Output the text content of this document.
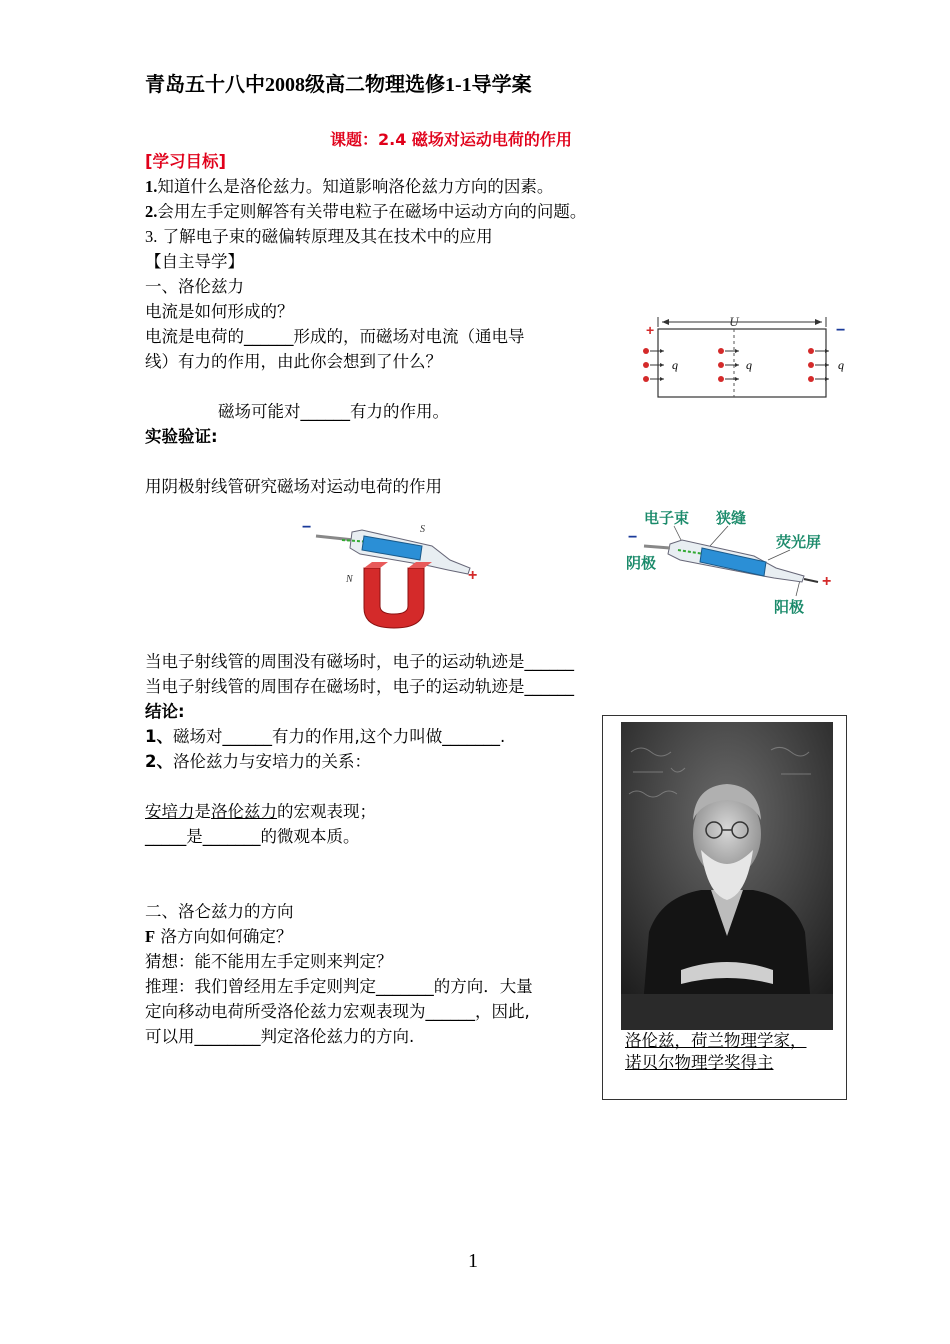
青岛五十八中2008级高二物理选修1-1导学案
课题：2.4 磁场对运动电荷的作用
[学习目标]
1.知道什么是洛伦兹力。知道影响洛伦兹力方向的因素。
2.会用左手定则解答有关带电粒子在磁场中运动方向的问题。
3. 了解电子束的磁偏转原理及其在技术中的应用
【自主导学】
一、洛伦兹力
电流是如何形成的？
电流是电荷的______形成的，而磁场对电流（通电导
线）有力的作用，由此你会想到了什么？
磁场可能对______有力的作用。
实验验证:
用阴极射线管研究磁场对运动电荷的作用
+	−
U
q	q	q
−	S
+
N
电子束 狭缝
荧光屏
阴极
阳极
−
+
当电子射线管的周围没有磁场时，电子的运动轨迹是______
当电子射线管的周围存在磁场时，电子的运动轨迹是______
结论:
1、磁场对______有力的作用,这个力叫做_______.
2、洛伦兹力与安培力的关系：
安培力是洛伦兹力的宏观表现；
_____是_______的微观本质。
二、洛仑兹力的方向
F 洛方向如何确定？
猜想：能不能用左手定则来判定？
推理：我们曾经用左手定则判定_______的方向．大量
定向移动电荷所受洛伦兹力宏观表现为______，因此,
可以用________判定洛伦兹力的方向.	洛伦兹，荷兰物理学家，
诺贝尔物理学奖得主
1
